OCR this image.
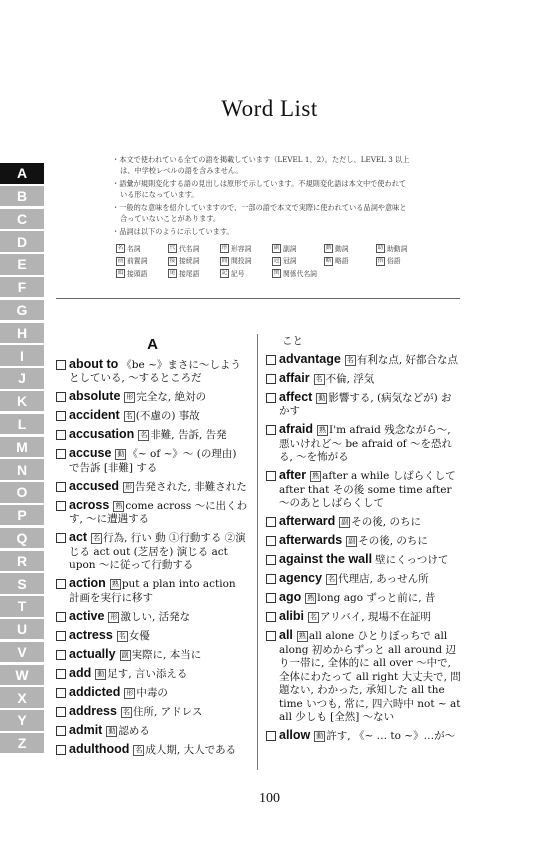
Word List
・本文で使われている全ての語を掲載しています（LEVEL 1、2）。ただし、LEVEL 3 以上は、中学校レベルの語を含みません。
・語彙が規則変化する語の見出しは原形で示しています。不規則変化語は本文中で使われている形になっています。
・一般的な意味を紹介していますので、一部の語で本文で実際に使われている品詞や意味と合っていないことがあります。
・品詞は以下のように示しています。
名 名詞	代 代名詞	形 形容詞	副 副詞	動 動詞	助 助動詞
前 前置詞	接 接続詞	間 間投詞	冠 冠詞	略 略語	俗 俗語
頭 接頭語	尾 接尾語	記 記号	関 関係代名詞
A
B
C
D
E
F
G
H
I
J
K
L
M
N
O
P
Q
R
S
T
U
V
W
X
Y
Z
A
about to 《be ~》まさに～しようとしている, ～するところだ
absolute 形 完全な, 絶対の
accident 名 (不慮の) 事故
accusation 名 非難, 告訴, 告発
accuse 動 《~ of ~》～ (の理由) で告訴 [非難] する
accused 形 告発された, 非難された
across 熟 come across ～に出くわす, ～に遭遇する
act 名 行為, 行い 動 ①行動する ②演じる act out (芝居を) 演じる act upon ～に従って行動する
action 熟 put a plan into action 計画を実行に移す
active 形 激しい, 活発な
actress 名 女優
actually 副 実際に, 本当に
add 動 足す, 言い添える
addicted 形 中毒の
address 名 住所, アドレス
admit 動 認める
adulthood 名 成人期, 大人である
こと
advantage 名 有利な点, 好都合な点
affair 名 不倫, 浮気
affect 動 影響する, (病気などが) おかす
afraid 熟 I'm afraid 残念ながら～, 悪いけれど～ be afraid of ～を恐れる, ～を怖がる
after 熟 after a while しばらくして after that その後 some time after ～のあとしばらくして
afterward 副 その後, のちに
afterwards 副 その後, のちに
against the wall 壁にくっつけて
agency 名 代理店, あっせん所
ago 熟 long ago ずっと前に, 昔
alibi 名 アリバイ, 現場不在証明
all 熟 all alone ひとりぼっちで all along 初めからずっと all around 辺り一帯に, 全体的に all over ～中で, 全体にわたって all right 大丈夫で, 問題ない, わかった, 承知した all the time いつも, 常に, 四六時中 not ~ at all 少しも [全然] ～ない
allow 動 許す, 《~ … to ~》…が～
100
